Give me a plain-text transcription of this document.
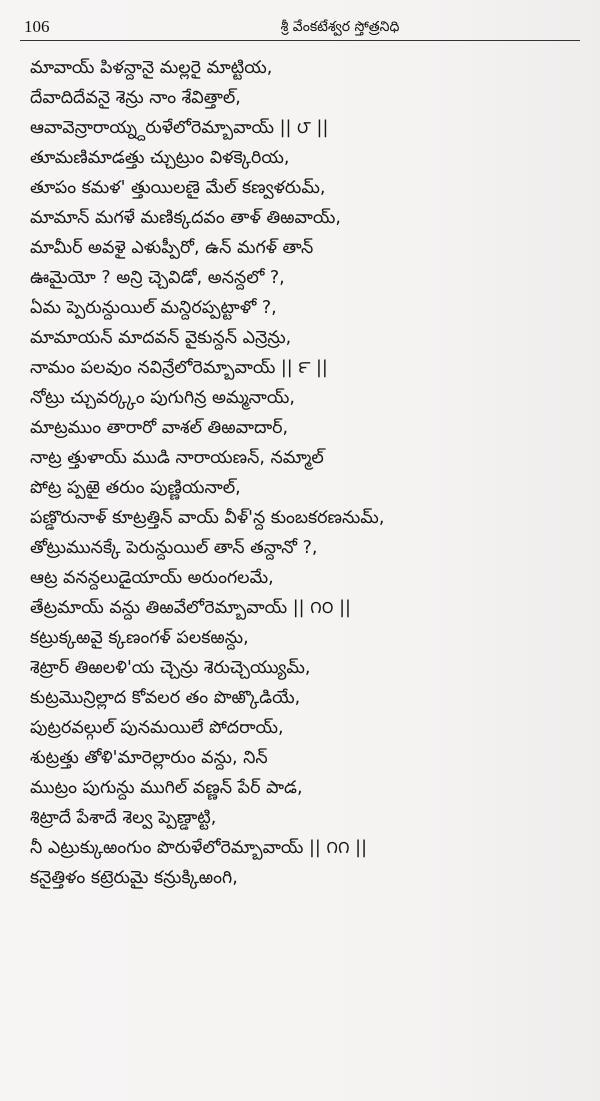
106	శ్రీ వేంకటేశ్వర స్తోత్రనిధి
మావాయ్ పిళన్దానై మల్లరై మాట్టియ,
దేవాదిదేవనై శెన్రు నాం శేవిత్తాల్,
ఆవావెన్రారాయ్న్దరుళేలోరెమ్బావాయ్ || ౮ ||
తూమణిమాడత్తు చ్చుట్రుం విళక్కెరియ,
తూపం కమళ' త్తుయిలణై మేల్ కణ్వళరుమ్,
మామాన్ మగళే మణిక్కదవం తాళ్ తిఱవాయ్,
మామీర్ అవళై ఎళుప్పీరో, ఉన్ మగళ్ తాన్
ఊమైయో ? అన్రి చ్చెవిడో, అనన్దలో ?,
ఏమ ప్పెరున్దుయిల్ మన్దిరప్పట్టాళో ?,
మామాయన్ మాదవన్ వైకున్దన్ ఎన్రెన్రు,
నామం పలవుం నవిన్రేలోరెమ్బావాయ్ || ౯ ||
నోట్రు చ్చువర్క్కం పుగుగిన్ర అమ్మనాయ్,
మాట్రముం తారారో వాశల్ తిఱవాదార్,
నాట్ర త్తుళాయ్ ముడి నారాయణన్, నమ్మాల్
పోట్ర ప్పఱై తరుం పుణ్ణియనాల్,
పణ్డొరునాళ్ కూట్రత్తిన్ వాయ్ వీళ్'న్ద కుంబకరణనుమ్,
తోట్రుమునక్కే పెరున్దుయిల్ తాన్ తన్దానో ?,
ఆట్ర వనన్దలుడైయాయ్ అరుంగలమే,
తేట్రమాయ్ వన్దు తిఱవేలోరెమ్బావాయ్ || ౧౦ ||
కట్రుక్కఱవై క్కణంగళ్ పలకఱన్దు,
శెట్రార్ తిఱలళి'య చ్చెన్రు శెరుచ్చెయ్యుమ్,
కుట్రమొన్రిల్లాద కోవలర తం పొఱ్కొడియే,
పుట్రరవల్గుల్ పునమయిలే పోదరాయ్,
శుట్రత్తు తోళి'మారెల్లారుం వన్దు, నిన్
ముట్రం పుగున్దు ముగిల్ వణ్ణన్ పేర్ పాడ,
శిట్రాదే పేశాదే శెల్వ ప్పెణ్డాట్టి,
నీ ఎట్రుక్కుఱంగుం పొరుళేలోరెమ్బావాయ్ || ౧౧ ||
కనైత్తిళం కట్రెరుమై కన్రుక్కిఱంగి,
